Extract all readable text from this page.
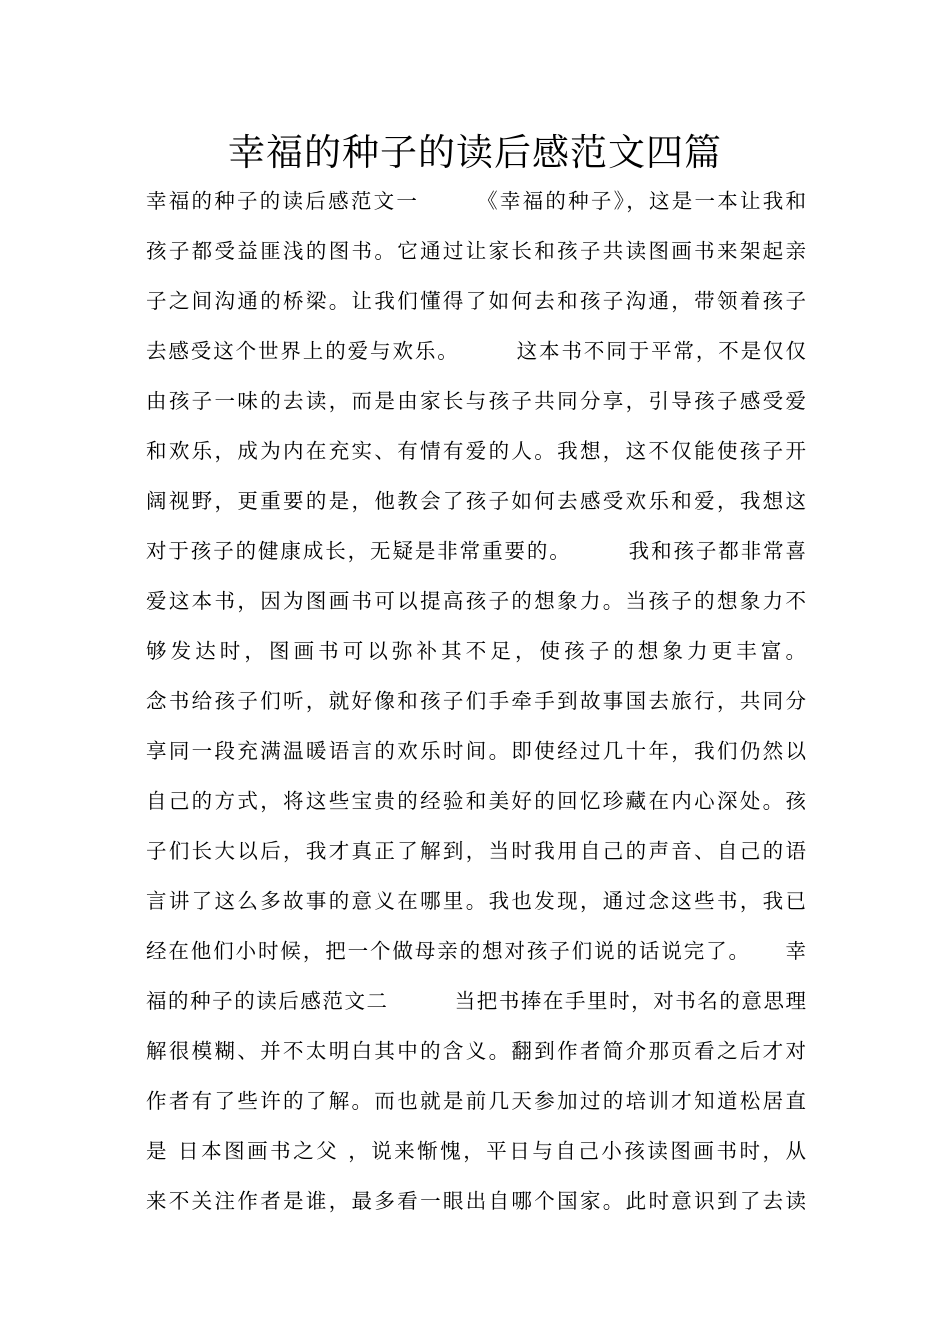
幸福的种子的读后感范文四篇
幸福的种子的读后感范文一　　　《幸福的种子》，这是一本让我和
孩子都受益匪浅的图书。它通过让家长和孩子共读图画书来架起亲
子之间沟通的桥梁。让我们懂得了如何去和孩子沟通，带领着孩子
去感受这个世界上的爱与欢乐。　　　这本书不同于平常，不是仅仅
由孩子一味的去读，而是由家长与孩子共同分享，引导孩子感受爱
和欢乐，成为内在充实、有情有爱的人。我想，这不仅能使孩子开
阔视野，更重要的是，他教会了孩子如何去感受欢乐和爱，我想这
对于孩子的健康成长，无疑是非常重要的。　　　我和孩子都非常喜
爱这本书，因为图画书可以提高孩子的想象力。当孩子的想象力不
够发达时，图画书可以弥补其不足，使孩子的想象力更丰富。
念书给孩子们听，就好像和孩子们手牵手到故事国去旅行，共同分
享同一段充满温暖语言的欢乐时间。即使经过几十年，我们仍然以
自己的方式，将这些宝贵的经验和美好的回忆珍藏在内心深处。孩
子们长大以后，我才真正了解到，当时我用自己的声音、自己的语
言讲了这么多故事的意义在哪里。我也发现，通过念这些书，我已
经在他们小时候，把一个做母亲的想对孩子们说的话说完了。　　幸
福的种子的读后感范文二　　　当把书捧在手里时，对书名的意思理
解很模糊、并不太明白其中的含义。翻到作者简介那页看之后才对
作者有了些许的了解。而也就是前几天参加过的培训才知道松居直
是 日本图画书之父 ，说来惭愧，平日与自己小孩读图画书时，从
来不关注作者是谁，最多看一眼出自哪个国家。此时意识到了去读
